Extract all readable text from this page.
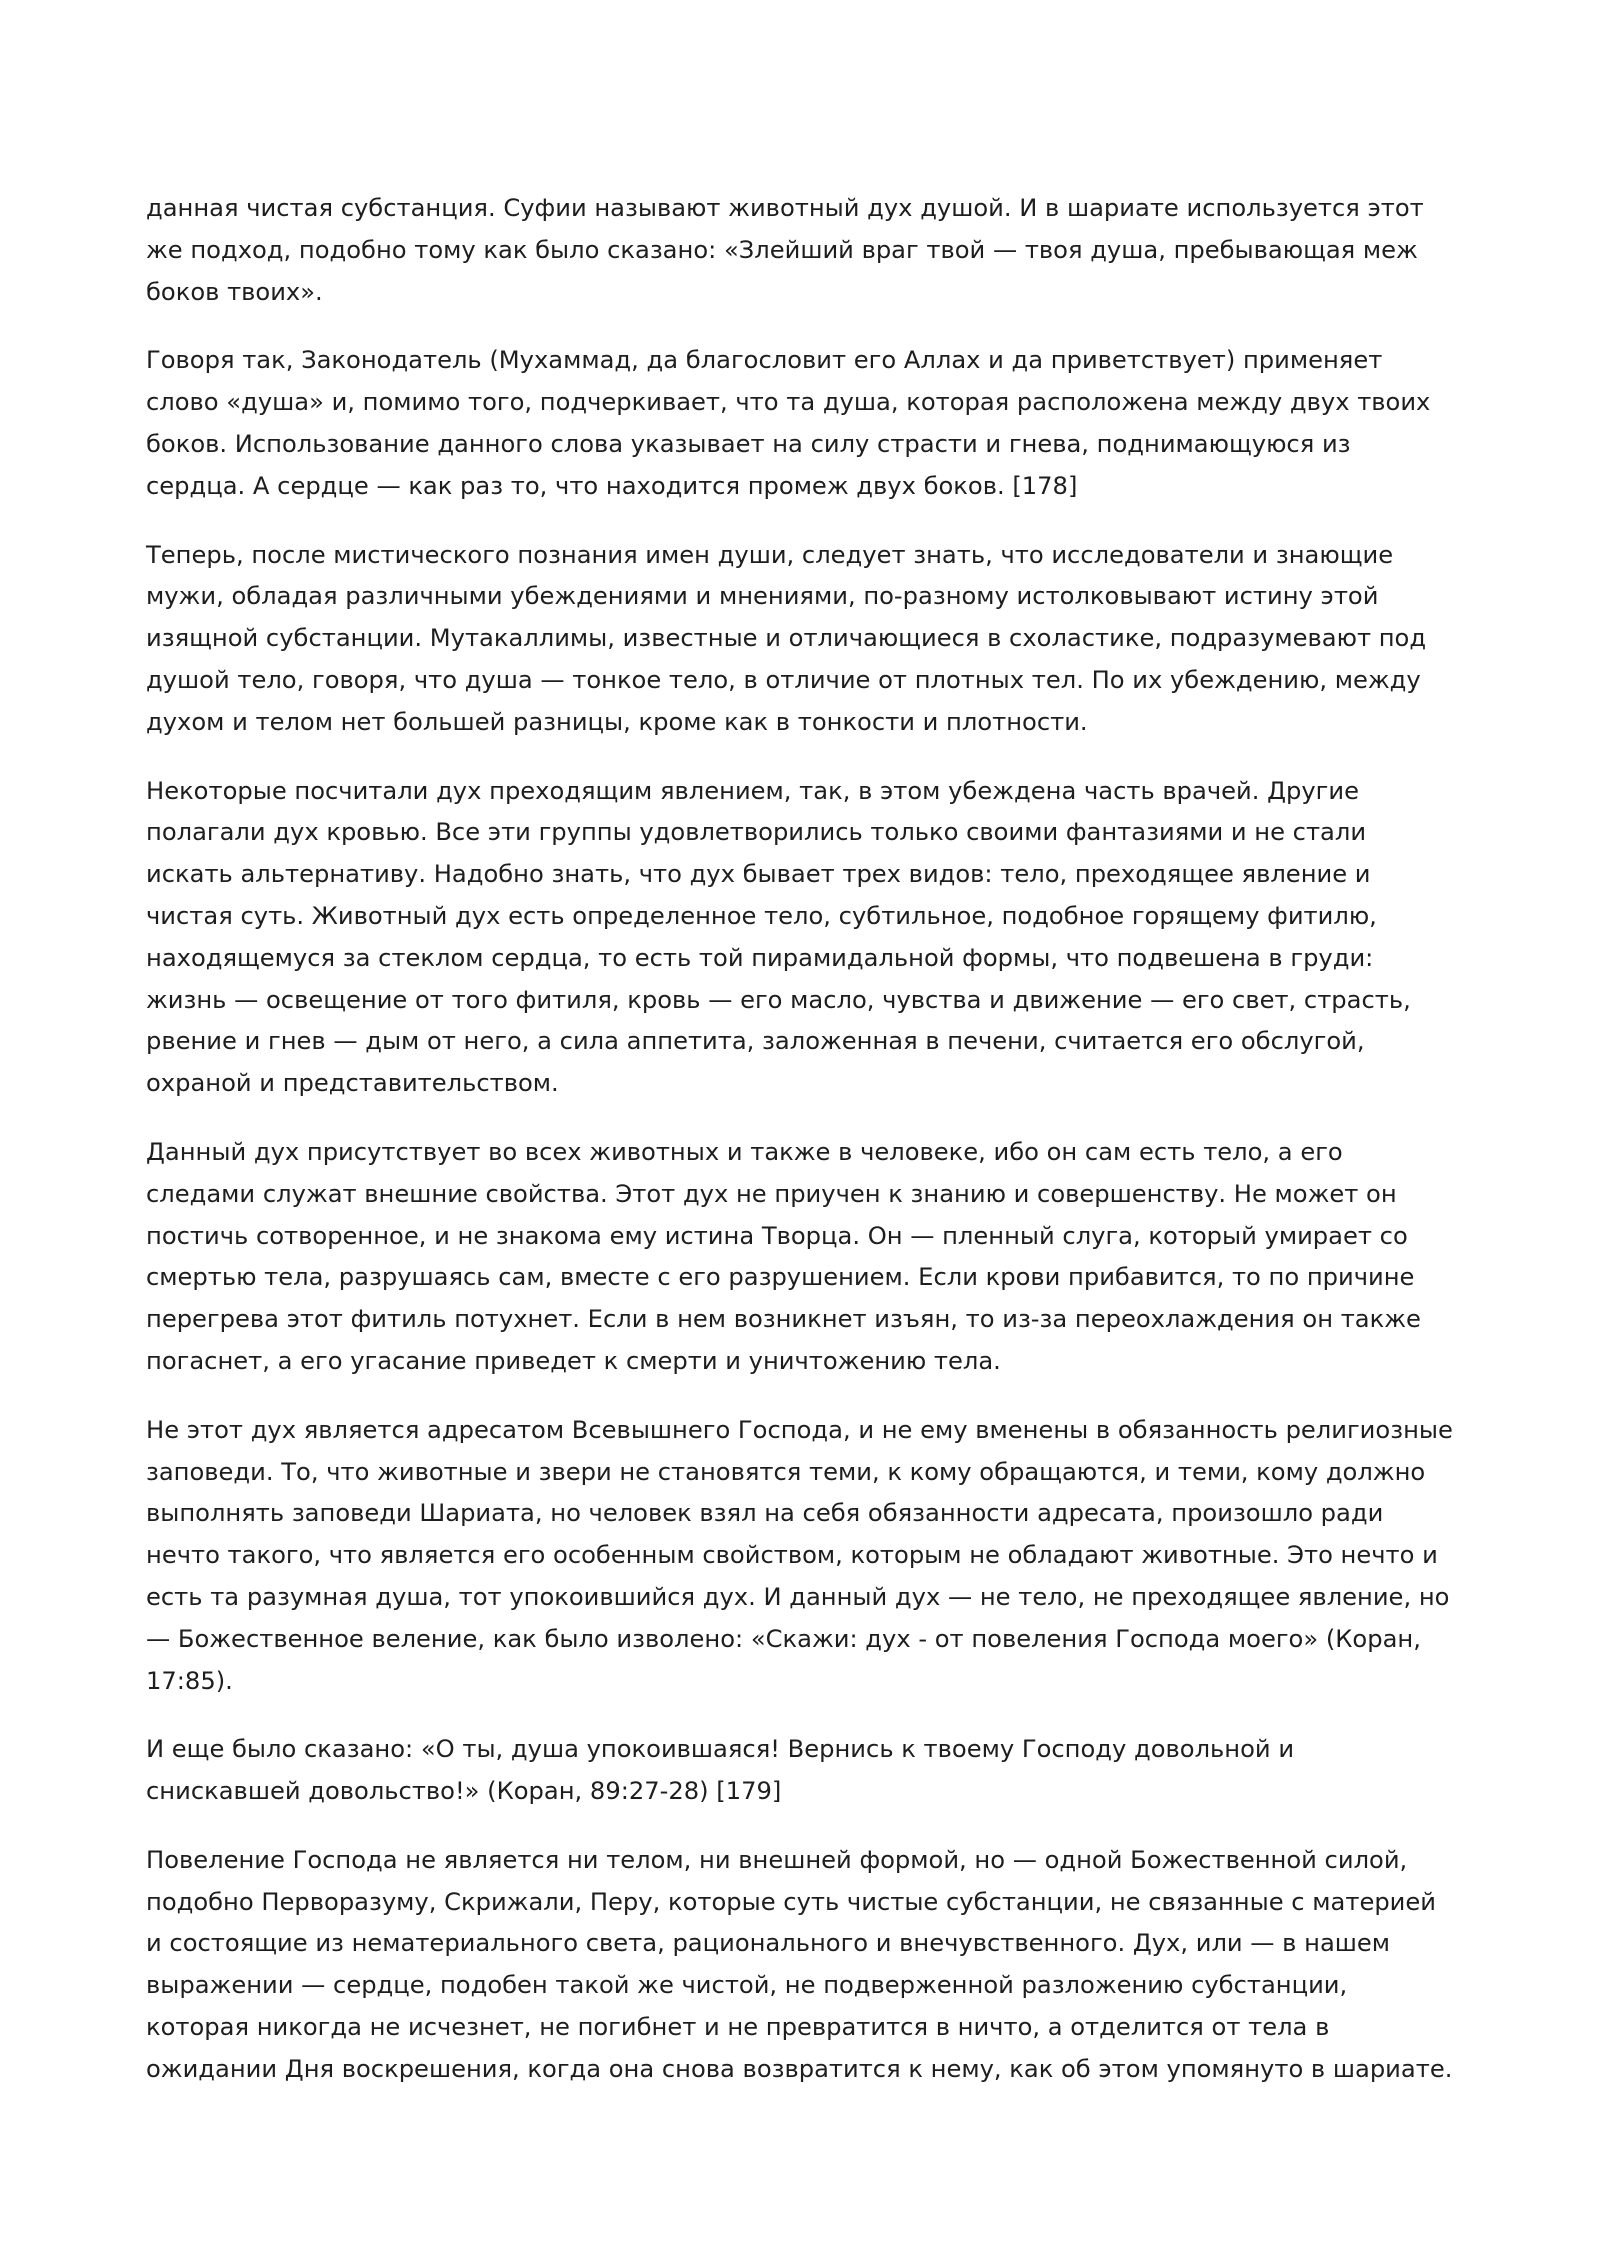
данная чистая субстанция. Суфии называют животный дух душой. И в шариате используется этот же подход, подобно тому как было сказано: «Злейший враг твой — твоя душа, пребывающая меж боков твоих».

Говоря так, Законодатель (Мухаммад, да благословит его Аллах и да приветствует) применяет слово «душа» и, помимо того, подчеркивает, что та душа, которая расположена между двух твоих боков. Использование данного слова указывает на силу страсти и гнева, поднимающуюся из сердца. А сердце — как раз то, что находится промеж двух боков. [178]

Теперь, после мистического познания имен души, следует знать, что исследователи и знающие мужи, обладая различными убеждениями и мнениями, по-разному истолковывают истину этой изящной субстанции. Мутакаллимы, известные и отличающиеся в схоластике, подразумевают под душой тело, говоря, что душа — тонкое тело, в отличие от плотных тел. По их убеждению, между духом и телом нет большей разницы, кроме как в тонкости и плотности.

Некоторые посчитали дух преходящим явлением, так, в этом убеждена часть врачей. Другие полагали дух кровью. Все эти группы удовлетворились только своими фантазиями и не стали искать альтернативу. Надобно знать, что дух бывает трех видов: тело, преходящее явление и чистая суть. Животный дух есть определенное тело, субтильное, подобное горящему фитилю, находящемуся за стеклом сердца, то есть той пирамидальной формы, что подвешена в груди: жизнь — освещение от того фитиля, кровь — его масло, чувства и движение — его свет, страсть, рвение и гнев — дым от него, а сила аппетита, заложенная в печени, считается его обслугой, охраной и представительством.

Данный дух присутствует во всех животных и также в человеке, ибо он сам есть тело, а его следами служат внешние свойства. Этот дух не приучен к знанию и совершенству. Не может он постичь сотворенное, и не знакома ему истина Творца. Он — пленный слуга, который умирает со смертью тела, разрушаясь сам, вместе с его разрушением. Если крови прибавится, то по причине перегрева этот фитиль потухнет. Если в нем возникнет изъян, то из-за переохлаждения он также погаснет, а его угасание приведет к смерти и уничтожению тела.

Не этот дух является адресатом Всевышнего Господа, и не ему вменены в обязанность религиозные заповеди. То, что животные и звери не становятся теми, к кому обращаются, и теми, кому должно выполнять заповеди Шариата, но человек взял на себя обязанности адресата, произошло ради нечто такого, что является его особенным свойством, которым не обладают животные. Это нечто и есть та разумная душа, тот упокоившийся дух. И данный дух — не тело, не преходящее явление, но — Божественное веление, как было изволено: «Скажи: дух - от повеления Господа моего» (Коран, 17:85).

И еще было сказано: «О ты, душа упокоившаяся! Вернись к твоему Господу довольной и снискавшей довольство!» (Коран, 89:27-28) [179]

Повеление Господа не является ни телом, ни внешней формой, но — одной Божественной силой, подобно Перворазуму, Скрижали, Перу, которые суть чистые субстанции, не связанные с материей и состоящие из нематериального света, рационального и внечувственного. Дух, или — в нашем выражении — сердце, подобен такой же чистой, не подверженной разложению субстанции, которая никогда не исчезнет, не погибнет и не превратится в ничто, а отделится от тела в ожидании Дня воскрешения, когда она снова возвратится к нему, как об этом упомянуто в шариате.
